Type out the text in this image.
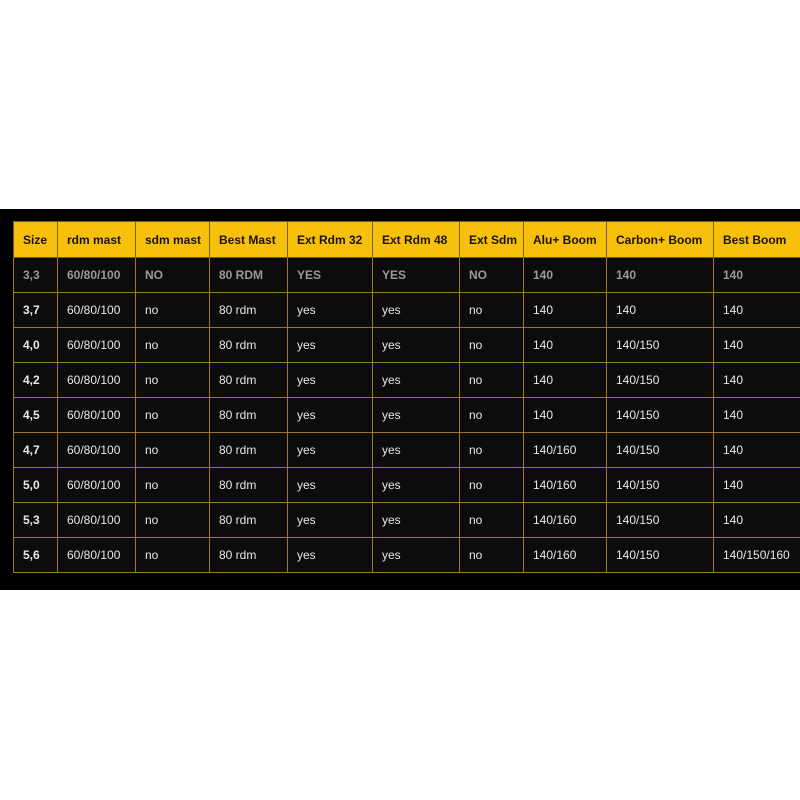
Size	rdm mast	sdm mast	Best Mast	Ext Rdm 32	Ext Rdm 48	Ext Sdm	Alu+ Boom	Carbon+ Boom	Best Boom
3,3	60/80/100	NO	80 RDM	YES	YES	NO	140	140	140
3,7	60/80/100	no	80 rdm	yes	yes	no	140	140	140
4,0	60/80/100	no	80 rdm	yes	yes	no	140	140/150	140
4,2	60/80/100	no	80 rdm	yes	yes	no	140	140/150	140
4,5	60/80/100	no	80 rdm	yes	yes	no	140	140/150	140
4,7	60/80/100	no	80 rdm	yes	yes	no	140/160	140/150	140
5,0	60/80/100	no	80 rdm	yes	yes	no	140/160	140/150	140
5,3	60/80/100	no	80 rdm	yes	yes	no	140/160	140/150	140
5,6	60/80/100	no	80 rdm	yes	yes	no	140/160	140/150	140/150/160
